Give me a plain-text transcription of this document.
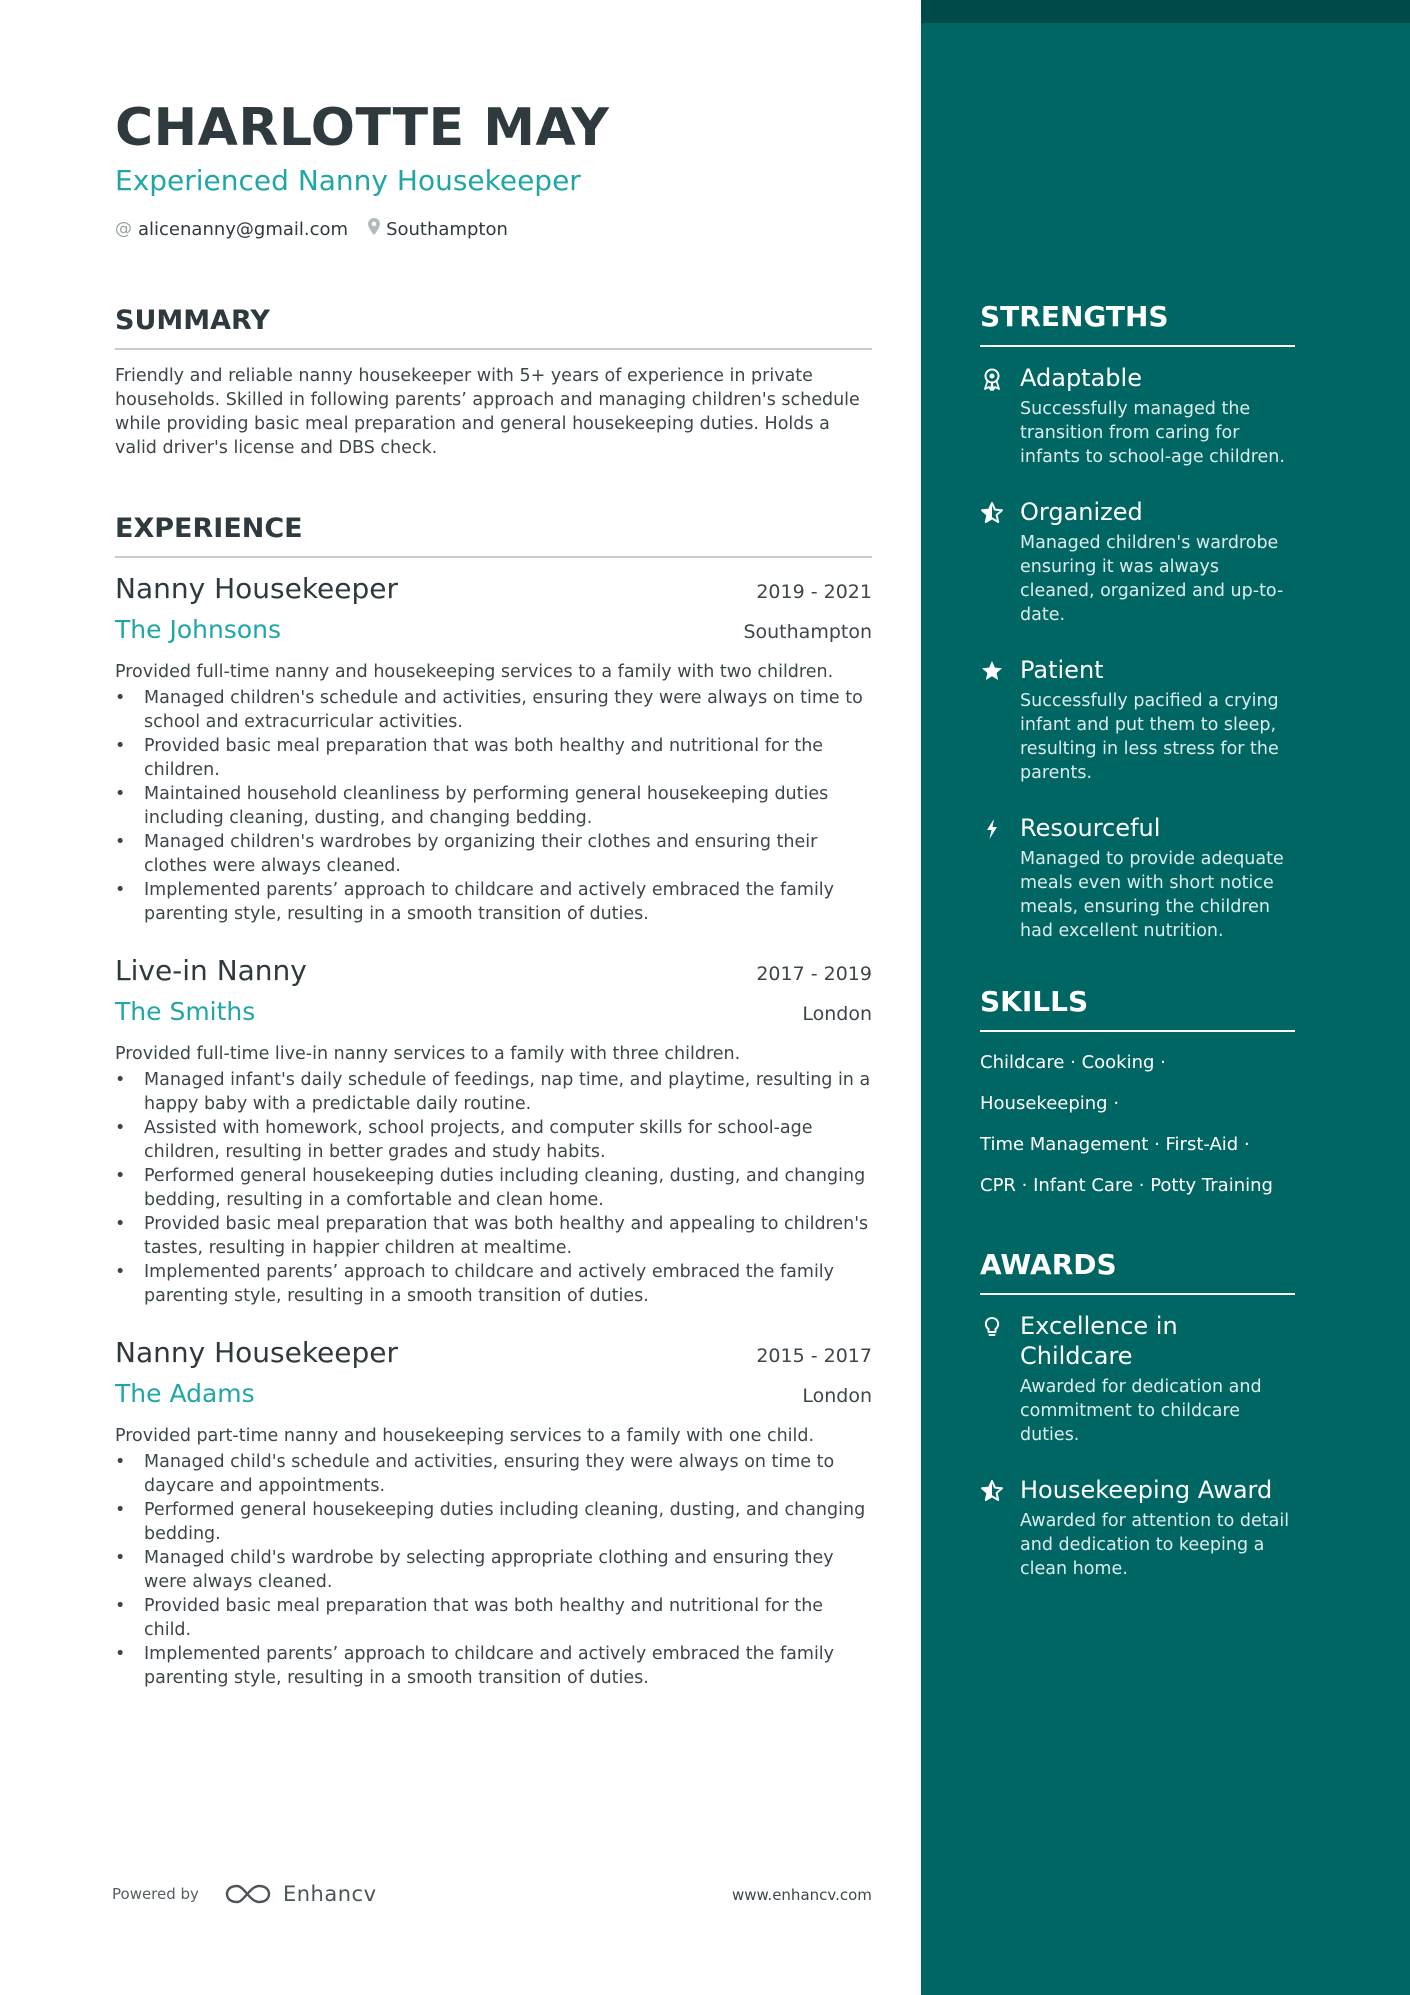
CHARLOTTE MAY
Experienced Nanny Housekeeper
@ alicenanny@gmail.com Southampton
SUMMARY
Friendly and reliable nanny housekeeper with 5+ years of experience in private households. Skilled in following parents’ approach and managing children's schedule while providing basic meal preparation and general housekeeping duties. Holds a valid driver's license and DBS check.
EXPERIENCE
Nanny Housekeeper	2019 - 2021
The Johnsons	Southampton
Provided full-time nanny and housekeeping services to a family with two children.
• Managed children's schedule and activities, ensuring they were always on time to school and extracurricular activities.
• Provided basic meal preparation that was both healthy and nutritional for the children.
• Maintained household cleanliness by performing general housekeeping duties including cleaning, dusting, and changing bedding.
• Managed children's wardrobes by organizing their clothes and ensuring their clothes were always cleaned.
• Implemented parents’ approach to childcare and actively embraced the family parenting style, resulting in a smooth transition of duties.
Live-in Nanny	2017 - 2019
The Smiths	London
Provided full-time live-in nanny services to a family with three children.
• Managed infant's daily schedule of feedings, nap time, and playtime, resulting in a happy baby with a predictable daily routine.
• Assisted with homework, school projects, and computer skills for school-age children, resulting in better grades and study habits.
• Performed general housekeeping duties including cleaning, dusting, and changing bedding, resulting in a comfortable and clean home.
• Provided basic meal preparation that was both healthy and appealing to children's tastes, resulting in happier children at mealtime.
• Implemented parents’ approach to childcare and actively embraced the family parenting style, resulting in a smooth transition of duties.
Nanny Housekeeper	2015 - 2017
The Adams	London
Provided part-time nanny and housekeeping services to a family with one child.
• Managed child's schedule and activities, ensuring they were always on time to daycare and appointments.
• Performed general housekeeping duties including cleaning, dusting, and changing bedding.
• Managed child's wardrobe by selecting appropriate clothing and ensuring they were always cleaned.
• Provided basic meal preparation that was both healthy and nutritional for the child.
• Implemented parents’ approach to childcare and actively embraced the family parenting style, resulting in a smooth transition of duties.
Powered by	Enhancv	www.enhancv.com
STRENGTHS
Adaptable
Successfully managed the transition from caring for infants to school-age children.
Organized
Managed children's wardrobe ensuring it was always cleaned, organized and up-to-date.
Patient
Successfully pacified a crying infant and put them to sleep, resulting in less stress for the parents.
Resourceful
Managed to provide adequate meals even with short notice meals, ensuring the children had excellent nutrition.
SKILLS
Childcare · Cooking ·
Housekeeping ·
Time Management · First-Aid ·
CPR · Infant Care · Potty Training
AWARDS
Excellence in Childcare
Awarded for dedication and commitment to childcare duties.
Housekeeping Award
Awarded for attention to detail and dedication to keeping a clean home.
